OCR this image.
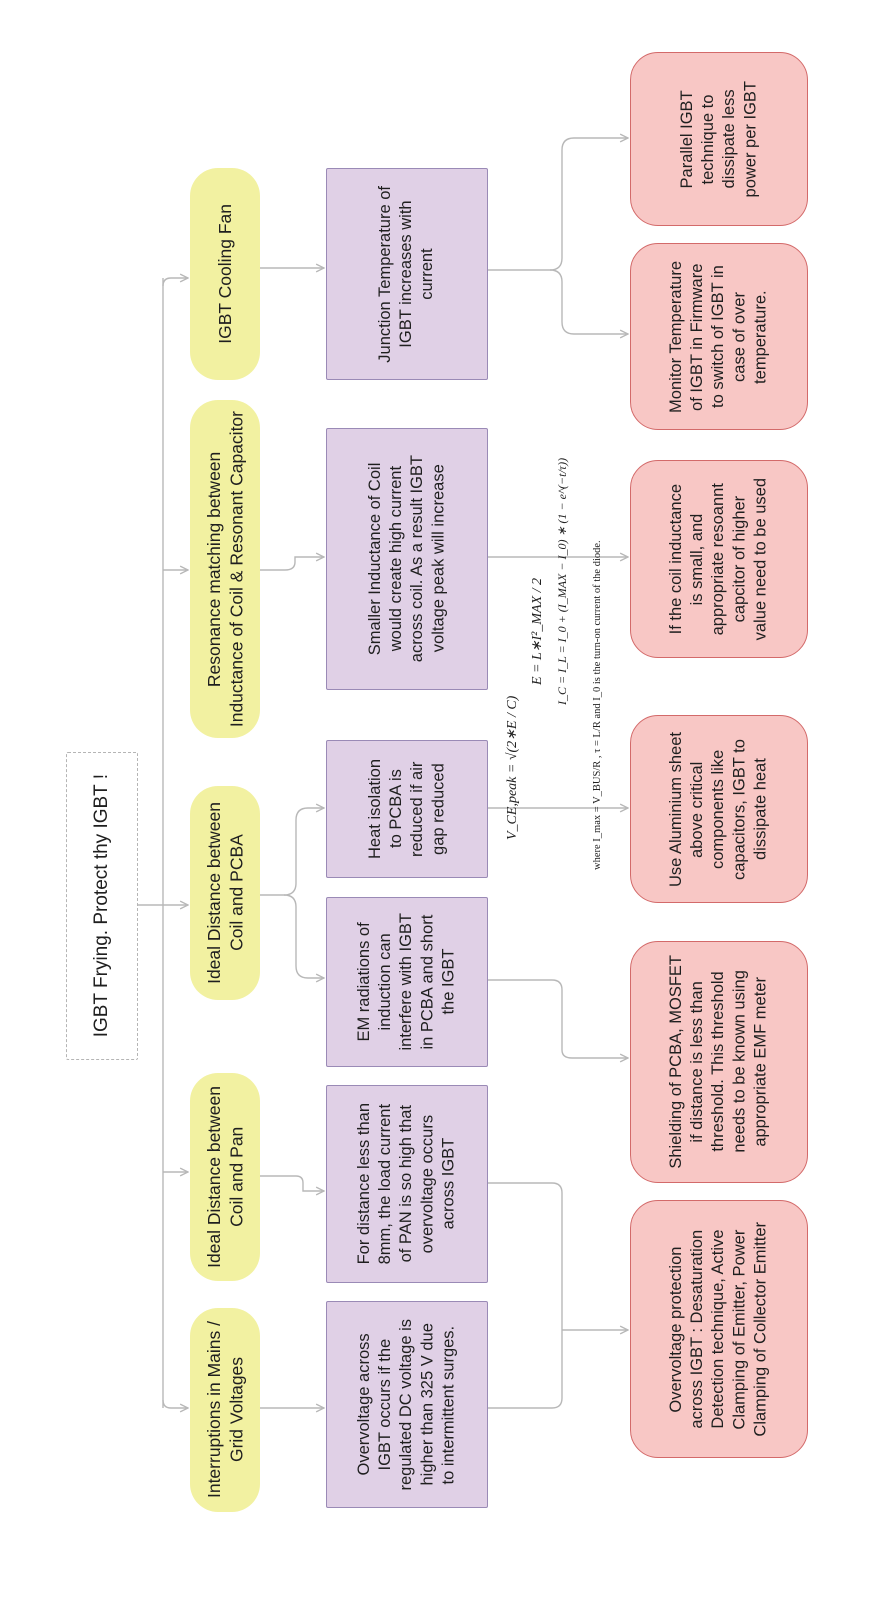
IGBT Frying. Protect thy IGBT !
Interruptions in Mains /
Grid Voltages
Ideal Distance between
Coil and Pan
Ideal Distance between
Coil and PCBA
Resonance matching between
Inductance of Coil & Resonant Capacitor
IGBT Cooling Fan
Overvoltage across
IGBT occurs if the
regulated DC voltage is
higher than 325 V due
to intermittent surges.
For distance less than
8mm, the load current
of PAN is so high that
overvoltage occurs
across IGBT
EM radiations of
induction can
interfere with IGBT
in PCBA and short
the IGBT
Heat isolation
to PCBA is
reduced if air
gap reduced
Smaller Inductance of Coil
would create high current
across coil. As a result IGBT
voltage peak will increase
Junction Temperature of
IGBT increases with
current
V_CE,peak = √(2∗E / C)
E = L∗I²_MAX / 2 I_C = I_L = I_0 + (I_MAX − I_0) ∗ (1 − e^(−t/τ)) where I_max = V_BUS/R , τ = L/R and I_0 is the turn-on current of the diode.
Overvoltage protection
across IGBT : Desaturation
Detection technique, Active
Clamping of Emitter, Power
Clamping of Collector Emitter
Shielding of PCBA, MOSFET
if distance is less than
threshold. This threshold
needs to be known using
appropriate EMF meter
Use Aluminium sheet
above critical
components like
capacitors, IGBT to
dissipate heat
If the coil inductance
is small, and
appropriate resoannt
capcitor of higher
value need to be used
Monitor Temperature
of IGBT in Firmware
to switch of IGBT in
case of over
temperature.
Parallel IGBT
technique to
dissipate less
power per IGBT
